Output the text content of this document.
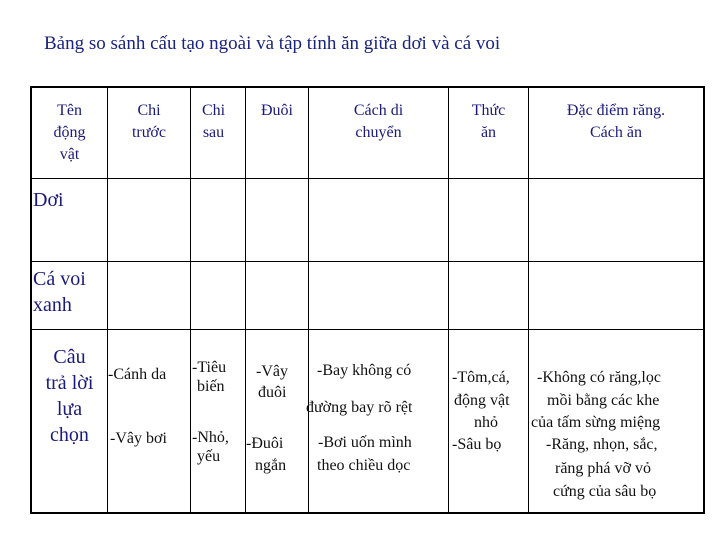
Bảng so sánh cấu tạo ngoài và tập tính ăn giữa dơi và cá voi
Tên
động
vật
Chi
trước
Chi
sau
Đuôi	Cách di
chuyển
Thức
ăn
Đặc điểm răng.
Cách ăn
Dơi
Cá voi
xanh
Câu
trả lời
lựa
chọn
-Cánh da
-Vây bơi
-Tiêu
biến
-Nhỏ,
yếu
-Vây
đuôi
-Đuôi
ngắn
-Bay không có
đường bay rõ rệt
-Bơi uốn mình
theo chiều dọc
-Tôm,cá,
động vật
nhỏ
-Sâu bọ
-Không có răng,lọc
mồi bằng các khe
của tấm sừng miệng
-Răng, nhọn, sắc,
răng phá vỡ vỏ
cứng của sâu bọ
